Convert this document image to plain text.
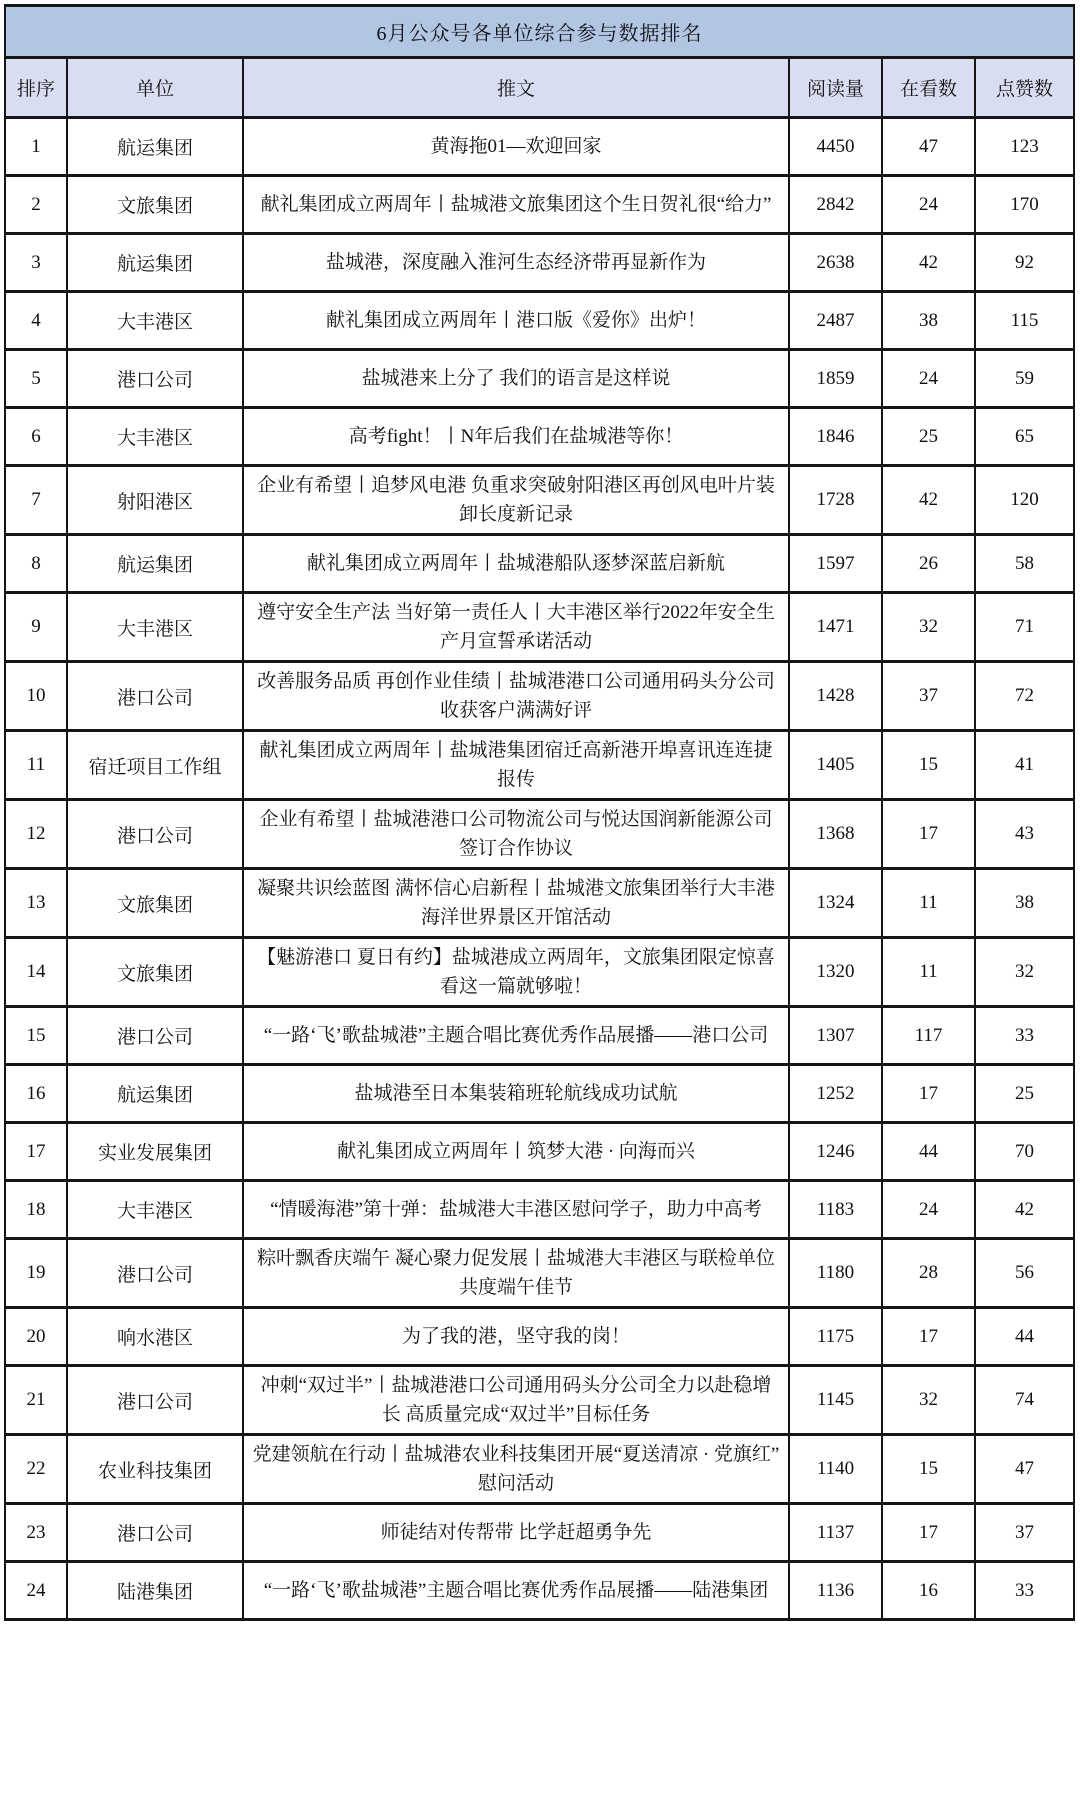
6月公众号各单位综合参与数据排名					
排序	单位	推文	阅读量	在看数	点赞数
1	航运集团	黄海拖01—欢迎回家	4450	47	123
2	文旅集团	献礼集团成立两周年丨盐城港文旅集团这个生日贺礼很“给力”	2842	24	170
3	航运集团	盐城港，深度融入淮河生态经济带再显新作为	2638	42	92
4	大丰港区	献礼集团成立两周年丨港口版《爱你》出炉！	2487	38	115
5	港口公司	盐城港来上分了 我们的语言是这样说	1859	24	59
6	大丰港区	高考fight！丨N年后我们在盐城港等你！	1846	25	65
7	射阳港区	企业有希望丨追梦风电港 负重求突破射阳港区再创风电叶片装卸长度新记录	1728	42	120
8	航运集团	献礼集团成立两周年丨盐城港船队逐梦深蓝启新航	1597	26	58
9	大丰港区	遵守安全生产法 当好第一责任人丨大丰港区举行2022年安全生产月宣誓承诺活动	1471	32	71
10	港口公司	改善服务品质 再创作业佳绩丨盐城港港口公司通用码头分公司收获客户满满好评	1428	37	72
11	宿迁项目工作组	献礼集团成立两周年丨盐城港集团宿迁高新港开埠喜讯连连捷报传	1405	15	41
12	港口公司	企业有希望丨盐城港港口公司物流公司与悦达国润新能源公司签订合作协议	1368	17	43
13	文旅集团	凝聚共识绘蓝图 满怀信心启新程丨盐城港文旅集团举行大丰港海洋世界景区开馆活动	1324	11	38
14	文旅集团	【魅游港口 夏日有约】盐城港成立两周年，文旅集团限定惊喜看这一篇就够啦！	1320	11	32
15	港口公司	“一路‘飞’歌盐城港”主题合唱比赛优秀作品展播——港口公司	1307	117	33
16	航运集团	盐城港至日本集装箱班轮航线成功试航	1252	17	25
17	实业发展集团	献礼集团成立两周年丨筑梦大港 · 向海而兴	1246	44	70
18	大丰港区	“情暖海港”第十弹：盐城港大丰港区慰问学子，助力中高考	1183	24	42
19	港口公司	粽叶飘香庆端午 凝心聚力促发展丨盐城港大丰港区与联检单位共度端午佳节	1180	28	56
20	响水港区	为了我的港，坚守我的岗！	1175	17	44
21	港口公司	冲刺“双过半”丨盐城港港口公司通用码头分公司全力以赴稳增长 高质量完成“双过半”目标任务	1145	32	74
22	农业科技集团	党建领航在行动丨盐城港农业科技集团开展“夏送清凉 · 党旗红”慰问活动	1140	15	47
23	港口公司	师徒结对传帮带 比学赶超勇争先	1137	17	37
24	陆港集团	“一路‘飞’歌盐城港”主题合唱比赛优秀作品展播——陆港集团	1136	16	33
